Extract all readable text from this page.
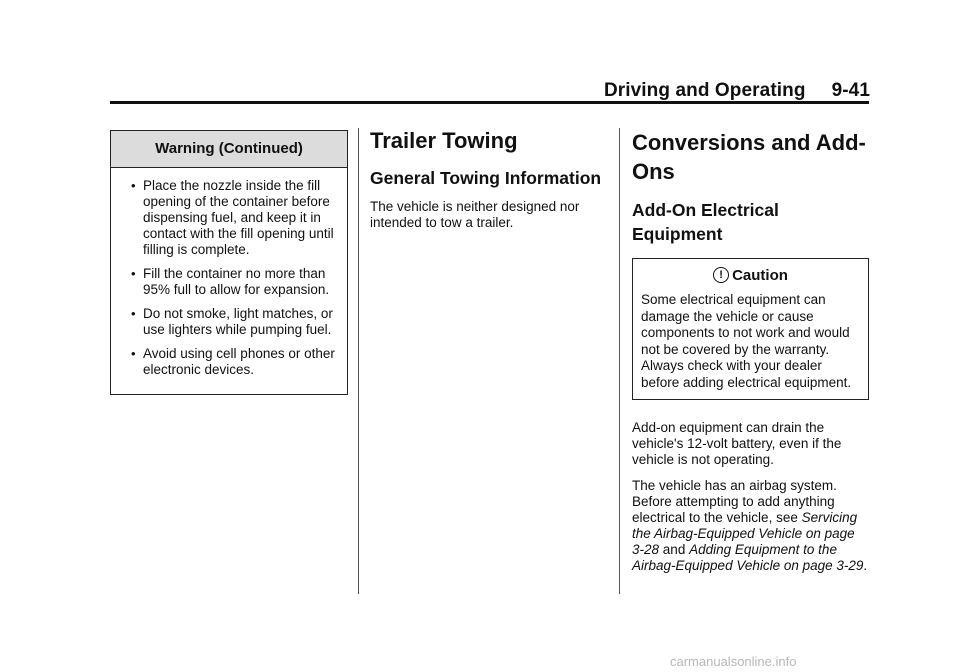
Driving and Operating 9-41
Warning (Continued)
• Place the nozzle inside the fill opening of the container before dispensing fuel, and keep it in contact with the fill opening until filling is complete.
• Fill the container no more than 95% full to allow for expansion.
• Do not smoke, light matches, or use lighters while pumping fuel.
• Avoid using cell phones or other electronic devices.
Trailer Towing
General Towing Information

The vehicle is neither designed nor intended to tow a trailer.

Conversions and Add-Ons
Add-On Electrical Equipment
! Caution

Some electrical equipment can damage the vehicle or cause components to not work and would not be covered by the warranty. Always check with your dealer before adding electrical equipment.

Add-on equipment can drain the vehicle's 12-volt battery, even if the vehicle is not operating.

The vehicle has an airbag system. Before attempting to add anything electrical to the vehicle, see Servicing the Airbag-Equipped Vehicle on page 3-28 and Adding Equipment to the Airbag-Equipped Vehicle on page 3-29.

carmanualsonline.info
